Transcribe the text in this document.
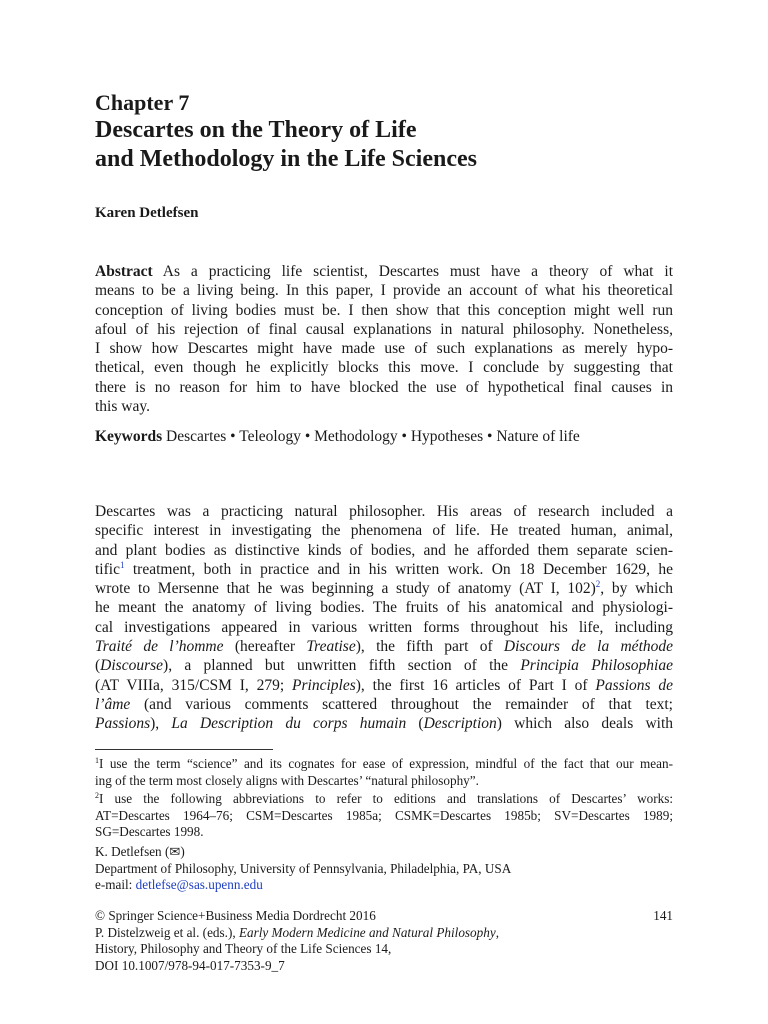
Chapter 7
Descartes on the Theory of Life
and Methodology in the Life Sciences
Karen Detlefsen
Abstract As a practicing life scientist, Descartes must have a theory of what it
means to be a living being. In this paper, I provide an account of what his theoretical
conception of living bodies must be. I then show that this conception might well run
afoul of his rejection of final causal explanations in natural philosophy. Nonetheless,
I show how Descartes might have made use of such explanations as merely hypo-
thetical, even though he explicitly blocks this move. I conclude by suggesting that
there is no reason for him to have blocked the use of hypothetical final causes in
this way.
Keywords Descartes • Teleology • Methodology • Hypotheses • Nature of life
Descartes was a practicing natural philosopher. His areas of research included a
specific interest in investigating the phenomena of life. He treated human, animal,
and plant bodies as distinctive kinds of bodies, and he afforded them separate scien-
tific$^1$ treatment, both in practice and in his written work. On 18 December 1629, he
wrote to Mersenne that he was beginning a study of anatomy (AT I, 102)$^2$, by which
he meant the anatomy of living bodies. The fruits of his anatomical and physiologi-
cal investigations appeared in various written forms throughout his life, including
Traité de l’homme (hereafter Treatise), the fifth part of Discours de la méthode
(Discourse), a planned but unwritten fifth section of the Principia Philosophiae
(AT VIIIa, 315/CSM I, 279; Principles), the first 16 articles of Part I of Passions de
l’âme (and various comments scattered throughout the remainder of that text;
Passions), La Description du corps humain (Description) which also deals with
$^1$I use the term “science” and its cognates for ease of expression, mindful of the fact that our mean-
ing of the term most closely aligns with Descartes’ “natural philosophy”.
$^2$I use the following abbreviations to refer to editions and translations of Descartes’ works:
AT=Descartes 1964–76; CSM=Descartes 1985a; CSMK=Descartes 1985b; SV=Descartes 1989;
SG=Descartes 1998.
K. Detlefsen (✉)
Department of Philosophy, University of Pennsylvania, Philadelphia, PA, USA
e-mail: detlefse@sas.upenn.edu
© Springer Science+Business Media Dordrecht 2016
P. Distelzweig et al. (eds.), Early Modern Medicine and Natural Philosophy,
History, Philosophy and Theory of the Life Sciences 14,
DOI 10.1007/978-94-017-7353-9_7
141
